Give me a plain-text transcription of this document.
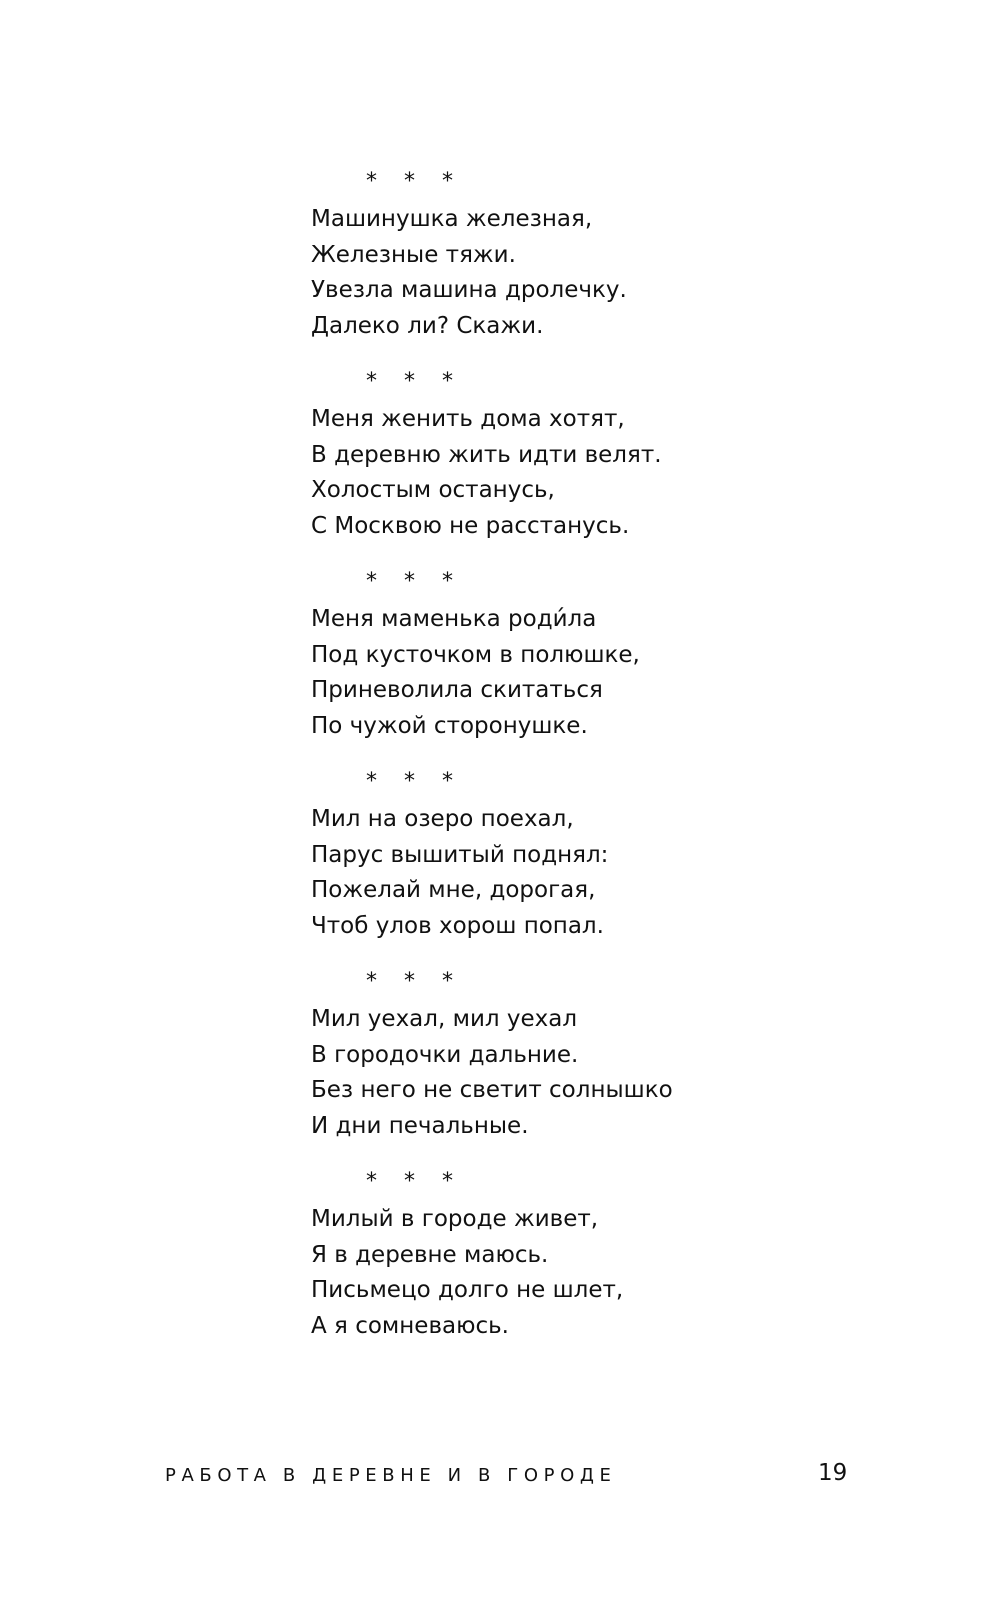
* * *
Машинушка железная,
Железные тяжи.
Увезла машина дролечку.
Далеко ли? Скажи.
* * *
Меня женить дома хотят,
В деревню жить идти велят.
Холостым останусь,
С Москвою не расстанусь.
* * *
Меня маменька роди́ла
Под кусточком в полюшке,
Приневолила скитаться
По чужой сторонушке.
* * *
Мил на озеро поехал,
Парус вышитый поднял:
Пожелай мне, дорогая,
Чтоб улов хорош попал.
* * *
Мил уехал, мил уехал
В городочки дальние.
Без него не светит солнышко
И дни печальные.
* * *
Милый в городе живет,
Я в деревне маюсь.
Письмецо долго не шлет,
А я сомневаюсь.
РАБОТА В ДЕРЕВНЕ И В ГОРОДЕ	19
